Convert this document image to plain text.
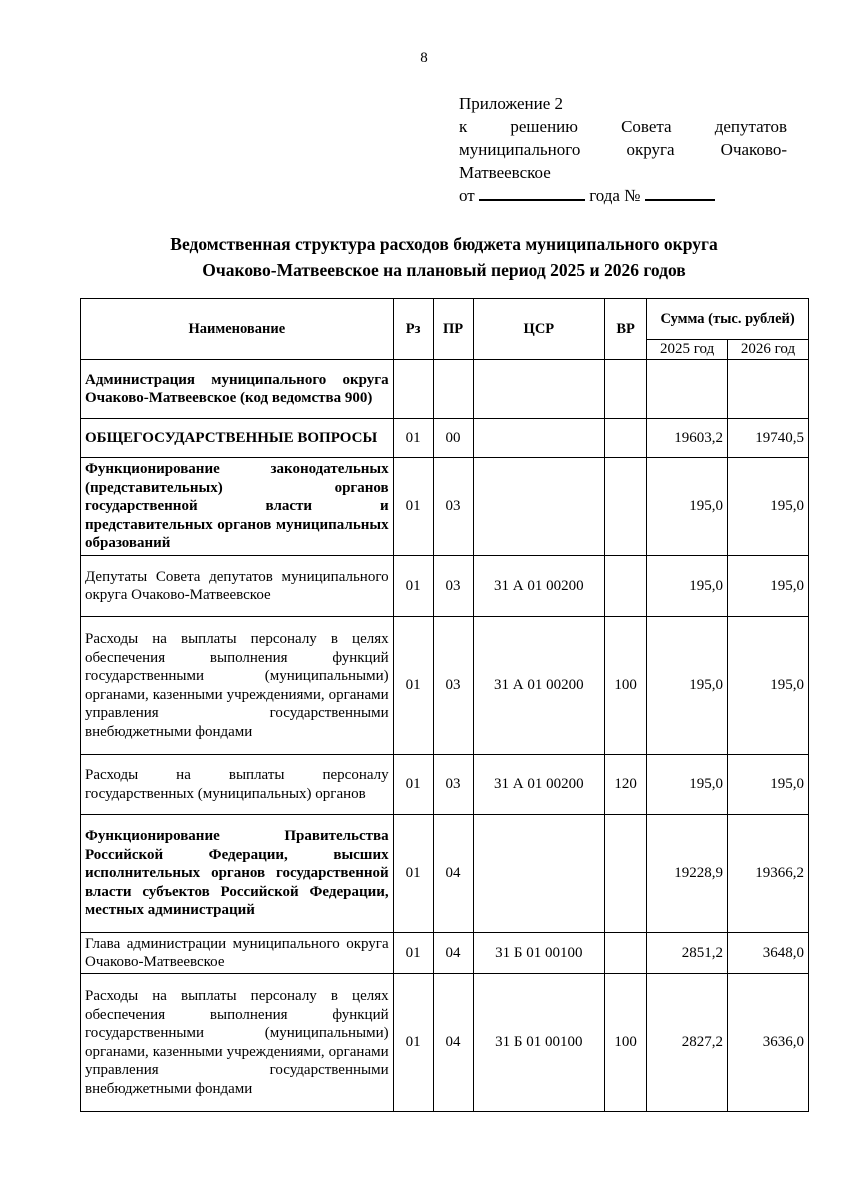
8
Приложение 2
к	решению	Совета	депутатов
муниципального	округа	Очаково-
Матвеевское
от	года №
Ведомственная структура расходов бюджета муниципального округа
Очаково-Матвеевское на плановый период 2025 и 2026 годов
Наименование	Рз	ПР	ЦСР	ВР	Сумма (тыс. рублей)	
					2025 год	2026 год
Администрация муниципального округа Очаково-Матвеевское (код ведомства 900)						
ОБЩЕГОСУДАРСТВЕННЫЕ ВОПРОСЫ	01	00			19603,2	19740,5
Функционирование законодательных (представительных) органов государственной власти и представительных органов муниципальных образований	01	03			195,0	195,0
Депутаты Совета депутатов муниципального округа Очаково-Матвеевское	01	03	31 А 01 00200		195,0	195,0
Расходы на выплаты персоналу в целях обеспечения выполнения функций государственными (муниципальными) органами, казенными учреждениями, органами управления государственными внебюджетными фондами	01	03	31 А 01 00200	100	195,0	195,0
Расходы на выплаты персоналу государственных (муниципальных) органов	01	03	31 А 01 00200	120	195,0	195,0
Функционирование Правительства Российской Федерации, высших исполнительных органов государственной власти субъектов Российской Федерации, местных администраций	01	04			19228,9	19366,2
Глава администрации муниципального округа Очаково-Матвеевское	01	04	31 Б 01 00100		2851,2	3648,0
Расходы на выплаты персоналу в целях обеспечения выполнения функций государственными (муниципальными) органами, казенными учреждениями, органами управления государственными внебюджетными фондами	01	04	31 Б 01 00100	100	2827,2	3636,0
